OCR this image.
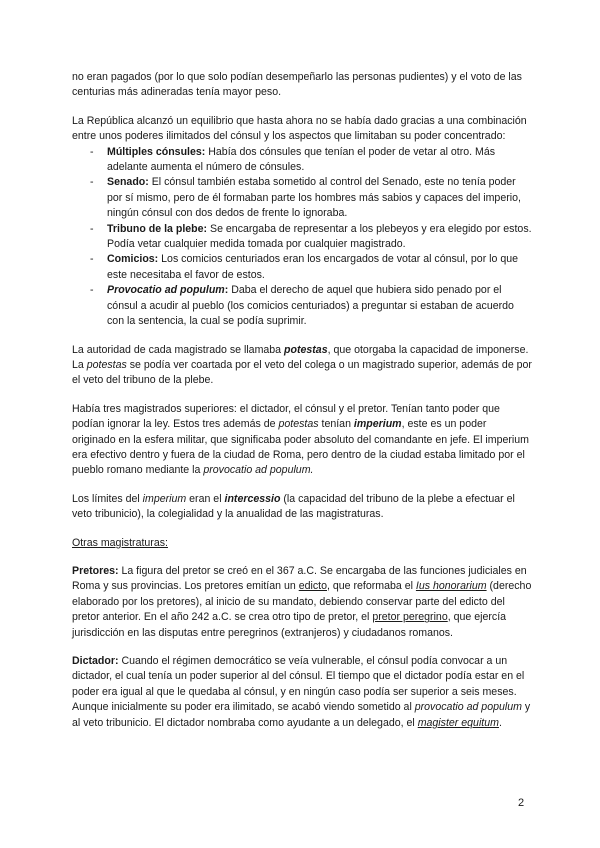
no eran pagados (por lo que solo podían desempeñarlo las personas pudientes) y el voto de las centurias más adineradas tenía mayor peso.

La República alcanzó un equilibrio que hasta ahora no se había dado gracias a una combinación entre unos poderes ilimitados del cónsul y los aspectos que limitaban su poder concentrado:

- Múltiples cónsules: Había dos cónsules que tenían el poder de vetar al otro. Más adelante aumenta el número de cónsules.
- Senado: El cónsul también estaba sometido al control del Senado, este no tenía poder por sí mismo, pero de él formaban parte los hombres más sabios y capaces del imperio, ningún cónsul con dos dedos de frente lo ignoraba.
- Tribuno de la plebe: Se encargaba de representar a los plebeyos y era elegido por estos. Podía vetar cualquier medida tomada por cualquier magistrado.
- Comicios: Los comicios centuriados eran los encargados de votar al cónsul, por lo que este necesitaba el favor de estos.
- Provocatio ad populum: Daba el derecho de aquel que hubiera sido penado por el cónsul a acudir al pueblo (los comicios centuriados) a preguntar si estaban de acuerdo con la sentencia, la cual se podía suprimir.

La autoridad de cada magistrado se llamaba potestas, que otorgaba la capacidad de imponerse. La potestas se podía ver coartada por el veto del colega o un magistrado superior, además de por el veto del tribuno de la plebe.

Había tres magistrados superiores: el dictador, el cónsul y el pretor. Tenían tanto poder que podían ignorar la ley. Estos tres además de potestas tenían imperium, este es un poder originado en la esfera militar, que significaba poder absoluto del comandante en jefe. El imperium era efectivo dentro y fuera de la ciudad de Roma, pero dentro de la ciudad estaba limitado por el pueblo romano mediante la provocatio ad populum.

Los límites del imperium eran el intercessio (la capacidad del tribuno de la plebe a efectuar el veto tribunicio), la colegialidad y la anualidad de las magistraturas.

Otras magistraturas:

Pretores: La figura del pretor se creó en el 367 a.C. Se encargaba de las funciones judiciales en Roma y sus provincias. Los pretores emitían un edicto, que reformaba el Ius honorarium (derecho elaborado por los pretores), al inicio de su mandato, debiendo conservar parte del edicto del pretor anterior. En el año 242 a.C. se crea otro tipo de pretor, el pretor peregrino, que ejercía jurisdicción en las disputas entre peregrinos (extranjeros) y ciudadanos romanos.

Dictador: Cuando el régimen democrático se veía vulnerable, el cónsul podía convocar a un dictador, el cual tenía un poder superior al del cónsul. El tiempo que el dictador podía estar en el poder era igual al que le quedaba al cónsul, y en ningún caso podía ser superior a seis meses. Aunque inicialmente su poder era ilimitado, se acabó viendo sometido al provocatio ad populum y al veto tribunicio. El dictador nombraba como ayudante a un delegado, el magister equitum.

2
